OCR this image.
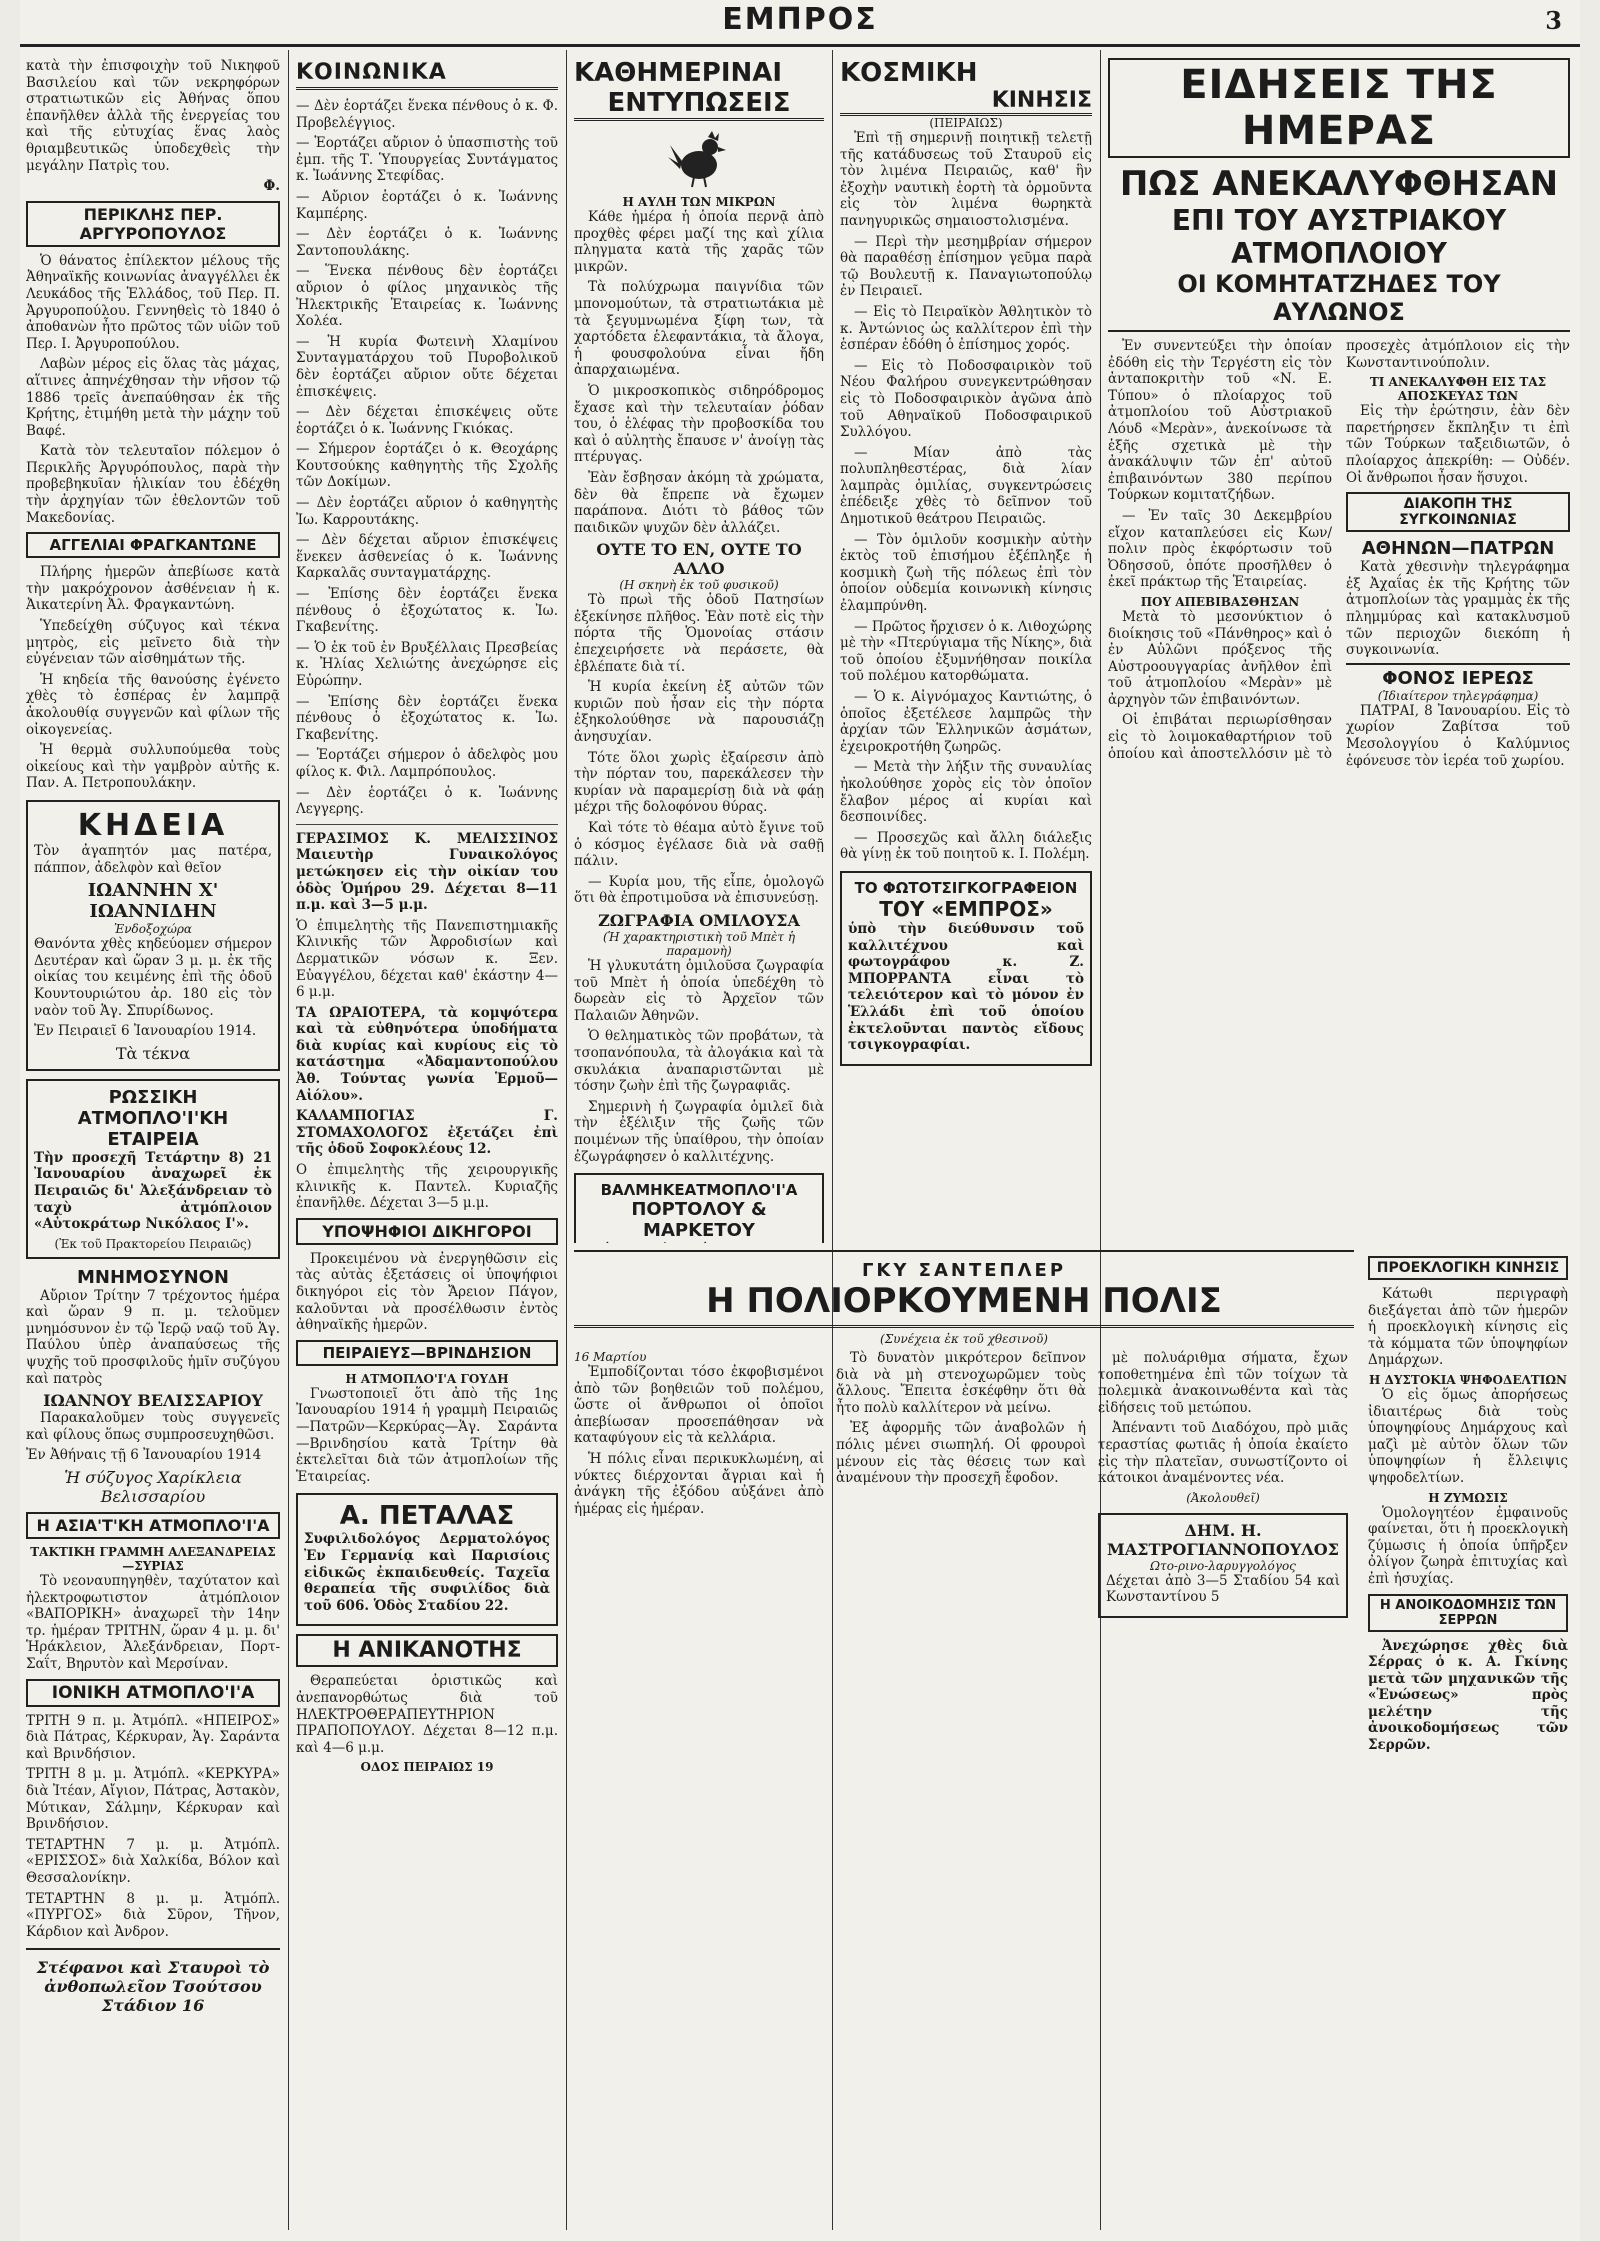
ΕΜΠΡΟΣ	3

κατὰ τὴν ἐπισφοιχὴν τοῦ Νικηφοῦ Βασιλείου καὶ τῶν νεκρηφόρων στρατιωτικῶν εἰς Ἀθήνας ὅπου ἐπανῆλθεν ἀλλὰ τῆς ἐνεργείας του καὶ τῆς εὐτυχίας ἕνας λαὸς θριαμβευτικῶς ὑποδεχθεὶς τὴν μεγάλην Πατρὶς του.

Φ.

ΠΕΡΙΚΛΗΣ ΠΕΡ. ΑΡΓΥΡΟΠΟΥΛΟΣ

Ὁ θάνατος ἐπίλεκτον μέλους τῆς Ἀθηναϊκῆς κοινωνίας ἀναγγέλλει ἐκ Λευκάδος τῆς Ἑλλάδος, τοῦ Περ. Π. Ἀργυροπούλου. Γεννηθεὶς τὸ 1840 ὁ ἀποθανὼν ἦτο πρῶτος τῶν υἱῶν τοῦ Περ. Ι. Ἀργυροπούλου.

Λαβὼν μέρος εἰς ὅλας τὰς μάχας, αἵτινες ἀπηνέχθησαν τὴν νῆσον τῷ 1886 τρεῖς ἀνεπαύθησαν ἐκ τῆς Κρήτης, ἐτιμήθη μετὰ τὴν μάχην τοῦ Βαφέ.

Κατὰ τὸν τελευταῖον πόλεμον ὁ Περικλῆς Ἀργυρόπουλος, παρὰ τὴν προβεβηκυῖαν ἡλικίαν του ἐδέχθη τὴν ἀρχηγίαν τῶν ἐθελοντῶν τοῦ Μακεδονίας.

ΑΓΓΕΛΙΑΙ ΦΡΑΓΚΑΝΤΩΝΕ

Πλήρης ἡμερῶν ἀπεβίωσε κατὰ τὴν μακρόχρονον ἀσθένειαν ἡ κ. Ἀικατερίνη Ἀλ. Φραγκαντώνη.

Ὑπεδείχθη σύζυγος καὶ τέκνα μητρὸς, εἰς μεῖνετο διὰ τὴν εὐγένειαν τῶν αἰσθημάτων τῆς.

Ἡ κηδεία τῆς θανούσης ἐγένετο χθὲς τὸ ἑσπέρας ἐν λαμπρᾷ ἀκολουθίᾳ συγγενῶν καὶ φίλων τῆς οἰκογενείας.

Ἡ θερμὰ συλλυπούμεθα τοὺς οἰκείους καὶ τὴν γαμβρὸν αὐτῆς κ. Παν. Α. Πετροπουλάκην.

ΚΗΔΕΙΑ

Τὸν ἀγαπητόν μας πατέρα, πάππον, ἀδελφὸν καὶ θεῖον

ΙΩΑΝΝΗΝ Χ' ΙΩΑΝΝΙΔΗΝ
Ἐνδοξοχώρα

Θανόντα χθὲς κηδεύομεν σήμερον Δευτέραν καὶ ὥραν 3 μ. μ. ἐκ τῆς οἰκίας του κειμένης ἐπὶ τῆς ὁδοῦ Κουντουριώτου ἀρ. 180 εἰς τὸν ναὸν τοῦ Ἁγ. Σπυρίδωνος.

Ἐν Πειραιεῖ 6 Ἰανουαρίου 1914.

Τὰ τέκνα
ΡΩΣΣΙΚΗ ΑΤΜΟΠΛΟ'Ι'ΚΗ ΕΤΑΙΡΕΙΑ

Τὴν προσεχῆ Τετάρτην 8) 21 Ἰανουαρίου ἀναχωρεῖ ἐκ Πειραιῶς δι' Ἀλεξάνδρειαν τὸ ταχὺ ἀτμόπλοιον «Αὐτοκράτωρ Νικόλαος Ι'».

(Ἐκ τοῦ Πρακτορείου Πειραιῶς)
ΜΝΗΜΟΣΥΝΟΝ

Αὔριον Τρίτην 7 τρέχοντος ἡμέρα καὶ ὥραν 9 π. μ. τελοῦμεν μνημόσυνον ἐν τῷ Ἱερῷ ναῷ τοῦ Ἁγ. Παύλου ὑπὲρ ἀναπαύσεως τῆς ψυχῆς τοῦ προσφιλοῦς ἡμῖν συζύγου καὶ πατρὸς

ΙΩΑΝΝΟΥ ΒΕΛΙΣΣΑΡΙΟΥ

Παρακαλοῦμεν τοὺς συγγενεῖς καὶ φίλους ὅπως συμπροσευχηθῶσι.

Ἐν Ἀθήναις τῇ 6 Ἰανουαρίου 1914

Ἡ σύζυγος Χαρίκλεια Βελισσαρίου
Η ΑΣΙΑ'Τ'ΚΗ ΑΤΜΟΠΛΟ'Ι'Α
ΤΑΚΤΙΚΗ ΓΡΑΜΜΗ ΑΛΕΞΑΝΔΡΕΙΑΣ—ΣΥΡΙΑΣ

Τὸ νεοναυπηγηθὲν, ταχύτατον καὶ ἠλεκτροφωτιστον ἀτμόπλοιον «ΒΑΠΟΡΙΚΗ» ἀναχωρεῖ τὴν 14ην τρ. ἡμέραν ΤΡΙΤΗΝ, ὥραν 4 μ. μ. δι' Ἡράκλειον, Ἀλεξάνδρειαν, Πορτ-Σαΐτ, Βηρυτὸν καὶ Μερσίναν.

ΙΟΝΙΚΗ ΑΤΜΟΠΛΟ'Ι'Α

ΤΡΙΤΗ 9 π. μ. Ἀτμόπλ. «ΗΠΕΙΡΟΣ» διὰ Πάτρας, Κέρκυραν, Ἁγ. Σαράντα καὶ Βρινδήσιον.

ΤΡΙΤΗ 8 μ. μ. Ἀτμόπλ. «ΚΕΡΚΥΡΑ» διὰ Ἰτέαν, Αἴγιον, Πάτρας, Ἀστακὸν, Μύτικαν, Σάλμην, Κέρκυραν καὶ Βρινδήσιον.

ΤΕΤΑΡΤΗΝ 7 μ. μ. Ἀτμόπλ. «ΕΡΙΣΣΟΣ» διὰ Χαλκίδα, Βόλον καὶ Θεσσαλονίκην.

ΤΕΤΑΡΤΗΝ 8 μ. μ. Ἀτμόπλ. «ΠΥΡΓΟΣ» διὰ Σῦρον, Τῆνον, Κάρδιον καὶ Ἀνδρον.

Στέφανοι καὶ Σταυροὶ τὸ ἀνθοπωλεῖον Τσούτσου Στάδιον 16
ΚΟΙΝΩΝΙΚΑ

— Δὲν ἑορτάζει ἕνεκα πένθους ὁ κ. Φ. Προβελέγγιος.

— Ἑορτάζει αὔριον ὁ ὑπασπιστὴς τοῦ ἐμπ. τῆς Τ. Ὑπουργείας Συντάγματος κ. Ἰωάννης Στεφίδας.

— Αὔριον ἑορτάζει ὁ κ. Ἰωάννης Καμπέρης.

— Δὲν ἑορτάζει ὁ κ. Ἰωάννης Σαντοπουλάκης.

— Ἕνεκα πένθους δὲν ἑορτάζει αὔριον ὁ φίλος μηχανικὸς τῆς Ἠλεκτρικῆς Ἑταιρείας κ. Ἰωάννης Χολέα.

— Ἡ κυρία Φωτεινὴ Χλαμίνου Συνταγματάρχου τοῦ Πυροβολικοῦ δὲν ἑορτάζει αὔριον οὔτε δέχεται ἐπισκέψεις.

— Δὲν δέχεται ἐπισκέψεις οὔτε ἑορτάζει ὁ κ. Ἰωάννης Γκιόκας.

— Σήμερον ἑορτάζει ὁ κ. Θεοχάρης Κουτσούκης καθηγητὴς τῆς Σχολῆς τῶν Δοκίμων.

— Δὲν ἑορτάζει αὔριον ὁ καθηγητὴς Ἰω. Καρρουτάκης.

— Δὲν δέχεται αὔριον ἐπισκέψεις ἕνεκεν ἀσθενείας ὁ κ. Ἰωάννης Καρκαλᾶς συνταγματάρχης.

— Ἐπίσης δὲν ἑορτάζει ἕνεκα πένθους ὁ ἐξοχώτατος κ. Ἰω. Γκαβενίτης.

— Ὁ ἐκ τοῦ ἐν Βρυξέλλαις Πρεσβείας κ. Ἠλίας Χελιώτης ἀνεχώρησε εἰς Εὐρώπην.

— Ἐπίσης δὲν ἑορτάζει ἕνεκα πένθους ὁ ἐξοχώτατος κ. Ἰω. Γκαβενίτης.

— Ἑορτάζει σήμερον ὁ ἀδελφὸς μου φίλος κ. Φιλ. Λαμπρόπουλος.

— Δὲν ἑορτάζει ὁ κ. Ἰωάννης Λεγγερης.

ΓΕΡΑΣΙΜΟΣ Κ. ΜΕΛΙΣΣΙΝΟΣ Μαιευτὴρ Γυναικολόγος μετώκησεν εἰς τὴν οἰκίαν του ὁδὸς Ὁμήρου 29. Δέχεται 8—11 π.μ. καὶ 3—5 μ.μ.

Ὁ ἐπιμελητὴς τῆς Πανεπιστημιακῆς Κλινικῆς τῶν Ἀφροδισίων καὶ Δερματικῶν νόσων κ. Ξεν. Εὐαγγέλου, δέχεται καθ' ἑκάστην 4—6 μ.μ.

ΤΑ ΩΡΑΙΟΤΕΡΑ, τὰ κομψότερα καὶ τὰ εὐθηνότερα ὑποδήματα διὰ κυρίας καὶ κυρίους εἰς τὸ κατάστημα «Ἀδαμαντοπούλου Ἀθ. Τούντας γωνία Ἑρμοῦ—Αἰόλου».

ΚΑΛΑΜΠΟΓΙΑΣ Γ. ΣΤΟΜΑΧΟΛΟΓΟΣ ἐξετάζει ἐπὶ τῆς ὁδοῦ Σοφοκλέους 12.

Ο ἐπιμελητὴς τῆς χειρουργικῆς κλινικῆς κ. Παντελ. Κυριαζῆς ἐπανῆλθε. Δέχεται 3—5 μ.μ.

ΥΠΟΨΗΦΙΟΙ ΔΙΚΗΓΟΡΟΙ

Προκειμένου νὰ ἐνεργηθῶσιν εἰς τὰς αὐτὰς ἐξετάσεις οἱ ὑποψήφιοι δικηγόροι εἰς τὸν Ἄρειον Πάγον, καλοῦνται νὰ προσέλθωσιν ἐντὸς ἀθηναϊκῆς ἡμερῶν.

ΠΕΙΡΑΙΕΥΣ—ΒΡΙΝΔΗΣΙΟΝ
Η ΑΤΜΟΠΛΟ'Ι'Α ΓΟΥΔΗ

Γνωστοποιεῖ ὅτι ἀπὸ τῆς 1ης Ἰανουαρίου 1914 ἡ γραμμὴ Πειραιῶς—Πατρῶν—Κερκύρας—Ἁγ. Σαράντα—Βρινδησίου κατὰ Τρίτην θὰ ἐκτελεῖται διὰ τῶν ἀτμοπλοίων τῆς Ἑταιρείας.

Α. ΠΕΤΑΛΑΣ

Συφιλιδολόγος Δερματολόγος Ἐν Γερμανίᾳ καὶ Παρισίοις εἰδικῶς ἐκπαιδευθείς. Ταχεῖα θεραπεία τῆς συφιλίδος διὰ τοῦ 606. Ὁδὸς Σταδίου 22.

Η ΑΝΙΚΑΝΟΤΗΣ

Θεραπεύεται ὁριστικῶς καὶ ἀνεπανορθώτως διὰ τοῦ ΗΛΕΚΤΡΟΘΕΡΑΠΕΥΤΗΡΙΟΝ ΠΡΑΠΟΠΟΥΛΟΥ. Δέχεται 8—12 π.μ. καὶ 4—6 μ.μ.

ΟΔΟΣ ΠΕΙΡΑΙΩΣ 19
ΚΑΘΗΜΕΡΙΝΑΙ
ΕΝΤΥΠΩΣΕΙΣ
Η ΑΥΛΗ ΤΩΝ ΜΙΚΡΩΝ

Κάθε ἡμέρα ἡ ὁποία περνᾷ ἀπὸ προχθὲς φέρει μαζί της καὶ χίλια πληγματα κατὰ τῆς χαρᾶς τῶν μικρῶν.

Τὰ πολύχρωμα παιγνίδια τῶν μπονομούτων, τὰ στρατιωτάκια μὲ τὰ ξεγυμνωμένα ξίφη των, τὰ χαρτόδετα ἑλεφαντάκια, τὰ ἄλογα, ἡ φουσφολούνα εἶναι ἤδη ἀπαρχαιωμένα.

Ὁ μικροσκοπικὸς σιδηρόδρομος ἔχασε καὶ τὴν τελευταίαν ῥόδαν του, ὁ ἑλέφας τὴν προβοσκίδα του καὶ ὁ αὐλητὴς ἔπαυσε ν' ἀνοίγῃ τὰς πτέρυγας.

Ἐὰν ἔσβησαν ἀκόμη τὰ χρώματα, δὲν θὰ ἔπρεπε νὰ ἔχωμεν παράπονα. Διότι τὸ βάθος τῶν παιδικῶν ψυχῶν δὲν ἀλλάζει.

ΟΥΤΕ ΤΟ ΕΝ, ΟΥΤΕ ΤΟ ΑΛΛΟ
(Η σκηνὴ ἐκ τοῦ φυσικοῦ)

Τὸ πρωὶ τῆς ὁδοῦ Πατησίων ἐξεκίνησε πλῆθος. Ἐὰν ποτὲ εἰς τὴν πόρτα τῆς Ὁμονοίας στάσιν ἐπεχειρήσετε νὰ περάσετε, θὰ ἐβλέπατε διὰ τί.

Ἡ κυρία ἐκείνη ἐξ αὐτῶν τῶν κυριῶν ποὺ ἦσαν εἰς τὴν πόρτα ἐξηκολούθησε νὰ παρουσιάζῃ ἀνησυχίαν.

Τότε ὅλοι χωρὶς ἐξαίρεσιν ἀπὸ τὴν πόρταν του, παρεκάλεσεν τὴν κυρίαν νὰ παραμερίσῃ διὰ νὰ φάῃ μέχρι τῆς δολοφόνου θύρας.

Καὶ τότε τὸ θέαμα αὐτὸ ἔγινε τοῦ ὁ κόσμος ἐγέλασε διὰ νὰ σαθῇ πάλιν.

— Κυρία μου, τῆς εἶπε, ὁμολογῶ ὅτι θὰ ἐπροτιμοῦσα νὰ ἐπισυνεύσῃ.

ΖΩΓΡΑΦΙΑ ΟΜΙΛΟΥΣΑ
(Ἡ χαρακτηριστικὴ τοῦ Μπὲτ ἡ παραμονὴ)

Ἡ γλυκυτάτη ὁμιλοῦσα ζωγραφία τοῦ Μπὲτ ἡ ὁποία ὑπεδέχθη τὸ δωρεὰν εἰς τὸ Ἀρχεῖον τῶν Παλαιῶν Ἀθηνῶν.

Ὁ θεληματικὸς τῶν προβάτων, τὰ τσοπανόπουλα, τὰ ἀλογάκια καὶ τὰ σκυλάκια ἀναπαριστῶνται μὲ τόσην ζωὴν ἐπὶ τῆς ζωγραφιᾶς.

Σημερινὴ ἡ ζωγραφία ὁμιλεῖ διὰ τὴν ἐξέλιξιν τῆς ζωῆς τῶν ποιμένων τῆς ὑπαίθρου, τὴν ὁποίαν ἐζωγράφησεν ὁ καλλιτέχνης.

ΒΑΛΜΗΚΕΑΤΜΟΠΛΟ'Ι'Α
ΠΟΡΤΟΛΟΥ & ΜΑΡΚΕΤΟΥ

ΚΟΣΜΙΚΗ
ΚΙΝΗΣΙΣ
(ΠΕΙΡΑΙΩΣ)

Ἐπὶ τῇ σημερινῇ ποιητικῇ τελετῇ τῆς κατάδυσεως τοῦ Σταυροῦ εἰς τὸν λιμένα Πειραιῶς, καθ' ἣν ἐξοχὴν ναυτικὴ ἑορτὴ τὰ ὁρμοῦντα εἰς τὸν λιμένα θωρηκτὰ πανηγυρικῶς σημαιοστολισμένα.

— Περὶ τὴν μεσημβρίαν σήμερον θὰ παραθέσῃ ἐπίσημον γεῦμα παρὰ τῷ Βουλευτῇ κ. Παναγιωτοπούλῳ ἐν Πειραιεῖ.

— Εἰς τὸ Πειραϊκὸν Ἀθλητικὸν τὸ κ. Ἀντώνιος ὡς καλλίτερον ἐπὶ τὴν ἑσπέραν ἐδόθη ὁ ἐπίσημος χορός.

— Εἰς τὸ Ποδοσφαιρικὸν τοῦ Νέου Φαλήρου συνεγκεντρώθησαν εἰς τὸ Ποδοσφαιρικὸν ἀγῶνα ἀπὸ τοῦ Αθηναϊκοῦ Ποδοσφαιρικοῦ Συλλόγου.

— Μίαν ἀπὸ τὰς πολυπληθεστέρας, διὰ λίαν λαμπρὰς ὁμιλίας, συγκεντρώσεις ἐπέδειξε χθὲς τὸ δεῖπνον τοῦ Δημοτικοῦ θεάτρου Πειραιῶς.

— Τὸν ὁμιλοῦν κοσμικὴν αὐτὴν ἐκτὸς τοῦ ἐπισήμου ἐξέπληξε ἡ κοσμικὴ ζωὴ τῆς πόλεως ἐπὶ τὸν ὁποίον οὐδεμία κοινωνικὴ κίνησις ἐλαμπρύνθη.

— Πρῶτος ἤρχισεν ὁ κ. Λιθοχώρης μὲ τὴν «Πτερύγιαμα τῆς Νίκης», διὰ τοῦ ὁποίου ἐξυμνήθησαν ποικίλα τοῦ πολέμου κατορθώματα.

— Ὁ κ. Αἰγνόμαχος Καντιώτης, ὁ ὁποῖος ἐξετέλεσε λαμπρῶς τὴν ἀρχίαν τῶν Ἑλληνικῶν ἀσμάτων, ἐχειροκροτήθη ζωηρῶς.

— Μετὰ τὴν λήξιν τῆς συναυλίας ἠκολούθησε χορὸς εἰς τὸν ὁποῖον ἔλαβον μέρος αἱ κυρίαι καὶ δεσποινίδες.

— Προσεχῶς καὶ ἄλλη διάλεξις θὰ γίνῃ ἐκ τοῦ ποιητοῦ κ. Ι. Πολέμη.

ΤΟ ΦΩΤΟΤΣΙΓΚΟΓΡΑΦΕΙΟΝ
ΤΟΥ «ΕΜΠΡΟΣ»

ὑπὸ τὴν διεύθυνσιν τοῦ καλλιτέχνου καὶ φωτογράφου κ. Ζ. ΜΠΟΡΡΑΝΤΑ εἶναι τὸ τελειότερον καὶ τὸ μόνον ἐν Ἑλλάδι ἐπὶ τοῦ ὁποίου ἐκτελοῦνται παντὸς εἴδους τσιγκογραφίαι.

ΓΚΥ ΣΑΝΤΕΠΛΕΡ
Η ΠΟΛΙΟΡΚΟΥΜΕΝΗ ΠΟΛΙΣ
(Συνέχεια ἐκ τοῦ χθεσινοῦ)
16 Μαρτίου

Ἐμποδίζονται τόσο ἐκφοβισμένοι ἀπὸ τῶν βοηθειῶν τοῦ πολέμου, ὥστε οἱ ἄνθρωποι οἱ ὁποῖοι ἀπεβίωσαν προσεπάθησαν νὰ καταφύγουν εἰς τὰ κελλάρια.

Ἡ πόλις εἶναι περικυκλωμένη, αἱ νύκτες διέρχονται ἄγριαι καὶ ἡ ἀνάγκη τῆς ἐξόδου αὐξάνει ἀπὸ ἡμέρας εἰς ἡμέραν.

Τὸ δυνατὸν μικρότερον δεῖπνον διὰ νὰ μὴ στενοχωρῶμεν τοὺς ἄλλους. Ἔπειτα ἐσκέφθην ὅτι θὰ ἦτο πολὺ καλλίτερον νὰ μείνω.

Ἐξ ἀφορμῆς τῶν ἀναβολῶν ἡ πόλις μένει σιωπηλή. Οἱ φρουροὶ μένουν εἰς τὰς θέσεις των καὶ ἀναμένουν τὴν προσεχῆ ἔφοδον.

μὲ πολυάριθμα σήματα, ἔχων τοποθετημένα ἐπὶ τῶν τοίχων τὰ πολεμικὰ ἀνακοινωθέντα καὶ τὰς εἰδήσεις τοῦ μετώπου.

Ἀπέναντι τοῦ Διαδόχου, πρὸ μιᾶς τεραστίας φωτιᾶς ἡ ὁποία ἐκαίετο εἰς τὴν πλατεῖαν, συνωστίζοντο οἱ κάτοικοι ἀναμένοντες νέα.

(Ἀκολουθεῖ)
ΔΗΜ. Η. ΜΑΣΤΡΟΓΙΑΝΝΟΠΟΥΛΟΣ
Ωτο-ρινο-λαρυγγολόγος

Δέχεται ἀπὸ 3—5 Σταδίου 54 καὶ Κωνσταντίνου 5

ΕΙΔΗΣΕΙΣ ΤΗΣ ΗΜΕΡΑΣ
ΠΩΣ ΑΝΕΚΑΛΥΦΘΗΣΑΝ
ΕΠΙ ΤΟΥ ΑΥΣΤΡΙΑΚΟΥ ΑΤΜΟΠΛΟΙΟΥ
ΟΙ ΚΟΜΗΤΑΤΖΗΔΕΣ ΤΟΥ ΑΥΛΩΝΟΣ

Ἐν συνεντεύξει τὴν ὁποίαν ἐδόθη εἰς τὴν Τεργέστη εἰς τὸν ἀνταποκριτὴν τοῦ «Ν. Ε. Τύπου» ὁ πλοίαρχος τοῦ ἀτμοπλοίου τοῦ Αὐστριακοῦ Λόυδ «Μερὰν», ἀνεκοίνωσε τὰ ἑξῆς σχετικὰ μὲ τὴν ἀνακάλυψιν τῶν ἐπ' αὐτοῦ ἐπιβαινόντων 380 περίπου Τούρκων κομιτατζήδων.

— Ἐν ταῖς 30 Δεκεμβρίου εἴχον καταπλεύσει εἰς Κων/πολιν πρὸς ἐκφόρτωσιν τοῦ Ὀδησσοῦ, ὁπότε προσῆλθεν ὁ ἐκεῖ πράκτωρ τῆς Ἑταιρείας.

ΠΟΥ ΑΠΕΒΙΒΑΣΘΗΣΑΝ

Μετὰ τὸ μεσονύκτιον ὁ διοίκησις τοῦ «Πάνθηρος» καὶ ὁ ἐν Αὐλῶνι πρόξενος τῆς Αὐστροουγγαρίας ἀνῆλθον ἐπὶ τοῦ ἀτμοπλοίου «Μερὰν» μὲ ἀρχηγὸν τῶν ἐπιβαινόντων.

Οἱ ἐπιβάται περιωρίσθησαν εἰς τὸ λοιμοκαθαρτήριον τοῦ ὁποίου καὶ ἀποστελλόσιν μὲ τὸ προσεχὲς ἀτμόπλοιον εἰς τὴν Κωνσταντινούπολιν.

ΤΙ ΑΝΕΚΑΛΥΦΘΗ ΕΙΣ ΤΑΣ ΑΠΟΣΚΕΥΑΣ ΤΩΝ

Εἰς τὴν ἐρώτησιν, ἐὰν δὲν παρετήρησεν ἔκπληξιν τι ἐπὶ τῶν Τούρκων ταξειδιωτῶν, ὁ πλοίαρχος ἀπεκρίθη: — Οὐδέν. Οἱ ἄνθρωποι ἦσαν ἥσυχοι.

ΔΙΑΚΟΠΗ ΤΗΣ ΣΥΓΚΟΙΝΩΝΙΑΣ
ΑΘΗΝΩΝ—ΠΑΤΡΩΝ

Κατὰ χθεσινὴν τηλεγράφημα ἐξ Ἀχαΐας ἐκ τῆς Κρήτης τῶν ἀτμοπλοίων τὰς γραμμὰς ἐκ τῆς πλημμύρας καὶ κατακλυσμοῦ τῶν περιοχῶν διεκόπη ἡ συγκοινωνία.

ΦΟΝΟΣ ΙΕΡΕΩΣ
(Ἰδιαίτερον τηλεγράφημα)

ΠΑΤΡΑΙ, 8 Ἰανουαρίου. Εἰς τὸ χωρίον Ζαβίτσα τοῦ Μεσολογγίου ὁ Καλύμνιος ἐφόνευσε τὸν ἱερέα τοῦ χωρίου.

ΠΡΟΕΚΛΟΓΙΚΗ ΚΙΝΗΣΙΣ

Κάτωθι περιγραφὴ διεξάγεται ἀπὸ τῶν ἡμερῶν ἡ προεκλογικὴ κίνησις εἰς τὰ κόμματα τῶν ὑποψηφίων Δημάρχων.

Η ΔΥΣΤΟΚΙΑ ΨΗΦΟΔΕΛΤΙΩΝ

Ὁ εἰς ὅμως ἀπορήσεως ἰδιαιτέρως διὰ τοὺς ὑποψηφίους Δημάρχους καὶ μαζὶ μὲ αὐτὸν ὅλων τῶν ὑποψηφίων ἡ ἔλλειψις ψηφοδελτίων.

Η ΖΥΜΩΣΙΣ

Ὁμολογητέον ἐμφαινοῦς φαίνεται, ὅτι ἡ προεκλογικὴ ζύμωσις ἡ ὁποία ὑπῆρξεν ὀλίγον ζωηρὰ ἐπιτυχίας καὶ ἐπὶ ἡσυχίας.

Η ΑΝΟΙΚΟΔΟΜΗΣΙΣ ΤΩΝ ΣΕΡΡΩΝ

Ἀνεχώρησε χθὲς διὰ Σέρρας ὁ κ. Α. Γκίνης μετὰ τῶν μηχανικῶν τῆς «Ἑνώσεως» πρὸς μελέτην τῆς ἀνοικοδομήσεως τῶν Σερρῶν.
